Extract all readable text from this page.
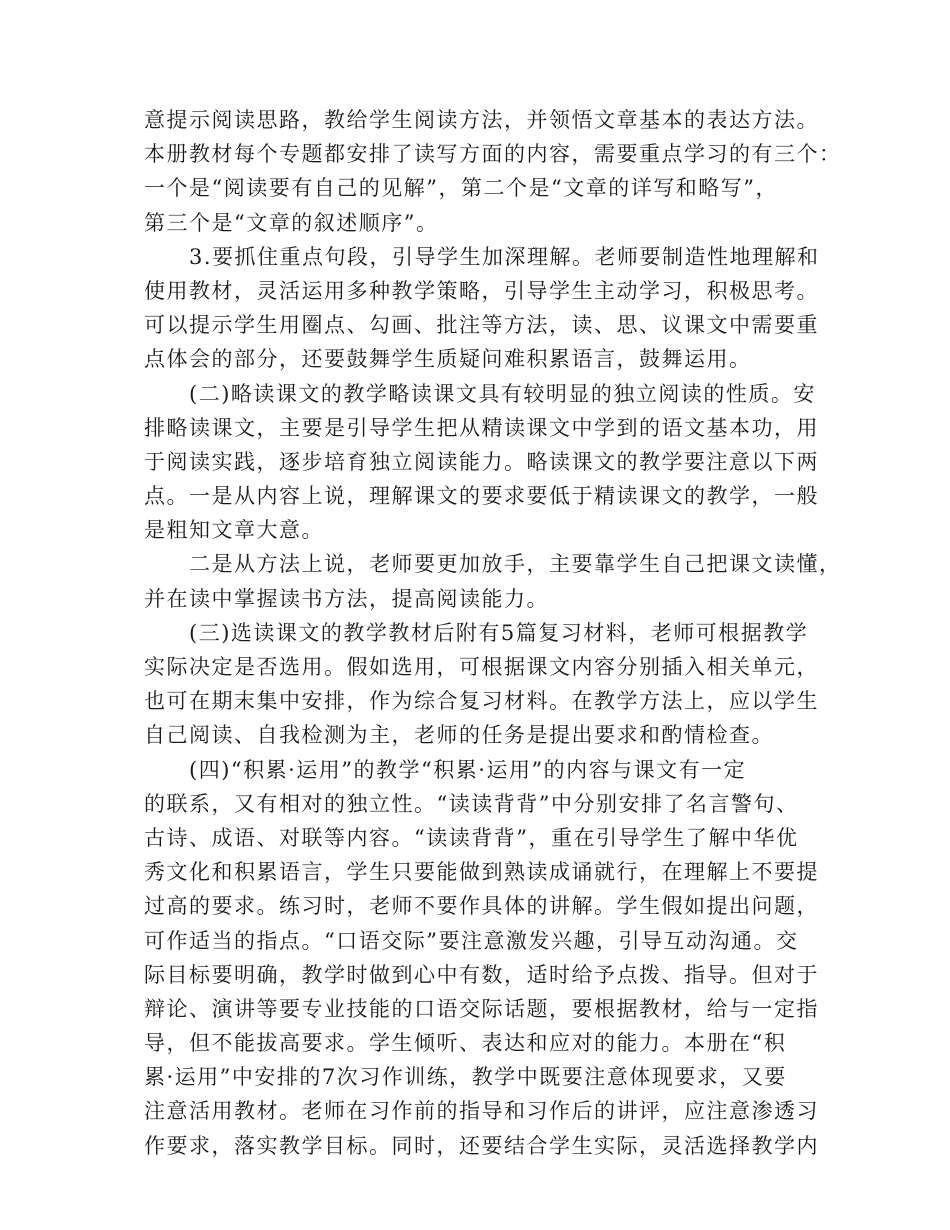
意提示阅读思路，教给学生阅读方法，并领悟文章基本的表达方法。
本册教材每个专题都安排了读写方面的内容，需要重点学习的有三个：
一个是“阅读要有自己的见解”，第二个是“文章的详写和略写”，
第三个是“文章的叙述顺序”。
　　3.要抓住重点句段，引导学生加深理解。老师要制造性地理解和
使用教材，灵活运用多种教学策略，引导学生主动学习，积极思考。
可以提示学生用圈点、勾画、批注等方法，读、思、议课文中需要重
点体会的部分，还要鼓舞学生质疑问难积累语言，鼓舞运用。
　　(二)略读课文的教学略读课文具有较明显的独立阅读的性质。安
排略读课文，主要是引导学生把从精读课文中学到的语文基本功，用
于阅读实践，逐步培育独立阅读能力。略读课文的教学要注意以下两
点。一是从内容上说，理解课文的要求要低于精读课文的教学，一般
是粗知文章大意。
　　二是从方法上说，老师要更加放手，主要靠学生自己把课文读懂，
并在读中掌握读书方法，提高阅读能力。
　　(三)选读课文的教学教材后附有5篇复习材料，老师可根据教学
实际决定是否选用。假如选用，可根据课文内容分别插入相关单元，
也可在期末集中安排，作为综合复习材料。在教学方法上，应以学生
自己阅读、自我检测为主，老师的任务是提出要求和酌情检查。
　　(四)“积累·运用”的教学“积累·运用”的内容与课文有一定
的联系，又有相对的独立性。“读读背背”中分别安排了名言警句、
古诗、成语、对联等内容。“读读背背”，重在引导学生了解中华优
秀文化和积累语言，学生只要能做到熟读成诵就行，在理解上不要提
过高的要求。练习时，老师不要作具体的讲解。学生假如提出问题，
可作适当的指点。“口语交际”要注意激发兴趣，引导互动沟通。交
际目标要明确，教学时做到心中有数，适时给予点拨、指导。但对于
辩论、演讲等要专业技能的口语交际话题，要根据教材，给与一定指
导，但不能拔高要求。学生倾听、表达和应对的能力。本册在“积
累·运用”中安排的7次习作训练，教学中既要注意体现要求，又要
注意活用教材。老师在习作前的指导和习作后的讲评，应注意渗透习
作要求，落实教学目标。同时，还要结合学生实际，灵活选择教学内
